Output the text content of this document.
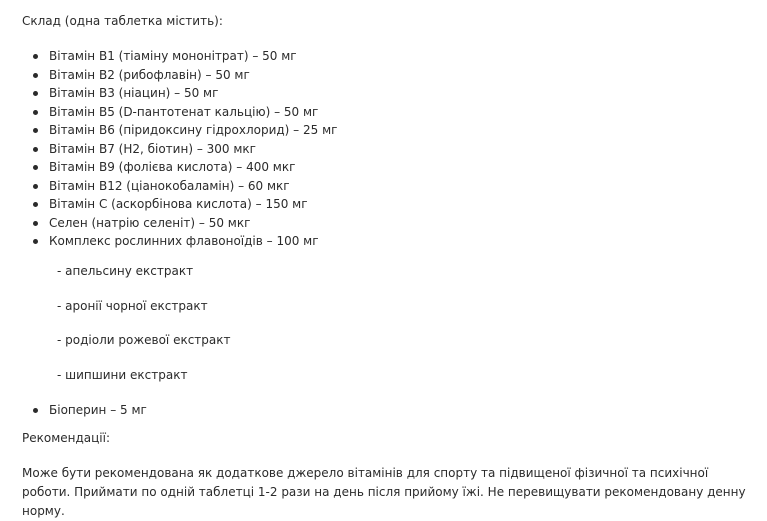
Склад (одна таблетка містить):
Вітамін В1 (тіаміну мононітрат) – 50 мг
Вітамін В2 (рибофлавін) – 50 мг
Вітамін В3 (ніацин) – 50 мг
Вітамін В5 (D-пантотенат кальцію) – 50 мг
Вітамін В6 (піридоксину гідрохлорид) – 25 мг
Вітамін В7 (Н2, біотин) – 300 мкг
Вітамін В9 (фолієва кислота) – 400 мкг
Вітамін В12 (ціанокобаламін) – 60 мкг
Вітамін С (аскорбінова кислота) – 150 мг
Селен (натрію селеніт) – 50 мкг
Комплекс рослинних флавоноїдів – 100 мг
- апельсину екстракт
- аронії чорної екстракт
- родіоли рожевої екстракт
- шипшини екстракт
Біоперин – 5 мг
Рекомендації:

Може бути рекомендована як додаткове джерело вітамінів для спорту та підвищеної фізичної та психічної роботи. Приймати по одній таблетці 1-2 рази на день після прийому їжі. Не перевищувати рекомендовану денну норму.
